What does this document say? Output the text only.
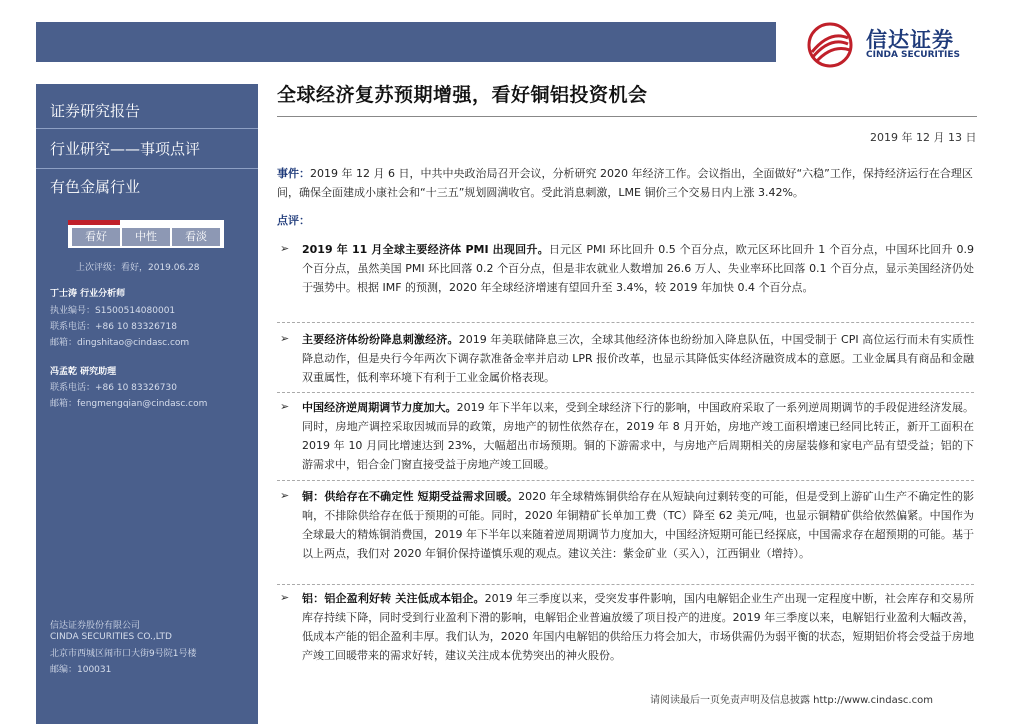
信达证券
CINDA SECURITIES
证券研究报告
行业研究——事项点评
有色金属行业
上次评级：看好，2019.06.28
丁士涛 行业分析师
执业编号：S1500514080001
联系电话：+86 10 83326718
邮箱：dingshitao@cindasc.com
冯孟乾 研究助理
联系电话：+86 10 83326730
邮箱：fengmengqian@cindasc.com
信达证券股份有限公司
CINDA SECURITIES CO.,LTD
北京市西城区闹市口大街9号院1号楼
邮编：100031
看好	中性	看淡
全球经济复苏预期增强，看好铜铝投资机会
2019 年 12 月 13 日
事件：2019 年 12 月 6 日，中共中央政治局召开会议，分析研究 2020 年经济工作。会议指出，全面做好“六稳”工作，保持经济运行在合理区间，确保全面建成小康社会和“十三五”规划圆满收官。受此消息刺激，LME 铜价三个交易日内上涨 3.42%。
点评：
➢ 2019 年 11 月全球主要经济体 PMI 出现回升。日元区 PMI 环比回升 0.5 个百分点，欧元区环比回升 1 个百分点，中国环比回升 0.9 个百分点，虽然美国 PMI 环比回落 0.2 个百分点，但是非农就业人数增加 26.6 万人、失业率环比回落 0.1 个百分点，显示美国经济仍处于强势中。根据 IMF 的预测，2020 年全球经济增速有望回升至 3.4%，较 2019 年加快 0.4 个百分点。
➢ 主要经济体纷纷降息刺激经济。2019 年美联储降息三次，全球其他经济体也纷纷加入降息队伍，中国受制于 CPI 高位运行而未有实质性降息动作，但是央行今年两次下调存款准备金率并启动 LPR 报价改革，也显示其降低实体经济融资成本的意愿。工业金属具有商品和金融双重属性，低利率环境下有利于工业金属价格表现。
➢ 中国经济逆周期调节力度加大。2019 年下半年以来，受到全球经济下行的影响，中国政府采取了一系列逆周期调节的手段促进经济发展。同时，房地产调控采取因城而异的政策，房地产的韧性依然存在，2019 年 8 月开始，房地产竣工面积增速已经同比转正，新开工面积在 2019 年 10 月同比增速达到 23%，大幅超出市场预期。铜的下游需求中，与房地产后周期相关的房屋装修和家电产品有望受益；铝的下游需求中，铝合金门窗直接受益于房地产竣工回暖。
➢ 铜：供给存在不确定性 短期受益需求回暖。2020 年全球精炼铜供给存在从短缺向过剩转变的可能，但是受到上游矿山生产不确定性的影响，不排除供给存在低于预期的可能。同时，2020 年铜精矿长单加工费（TC）降至 62 美元/吨，也显示铜精矿供给依然偏紧。中国作为全球最大的精炼铜消费国，2019 年下半年以来随着逆周期调节力度加大，中国经济短期可能已经探底，中国需求存在超预期的可能。基于以上两点，我们对 2020 年铜价保持谨慎乐观的观点。建议关注：紫金矿业（买入），江西铜业（增持）。
➢ 铝：铝企盈利好转 关注低成本铝企。2019 年三季度以来，受突发事件影响，国内电解铝企业生产出现一定程度中断，社会库存和交易所库存持续下降，同时受到行业盈利下滑的影响，电解铝企业普遍放缓了项目投产的进度。2019 年三季度以来，电解铝行业盈利大幅改善，低成本产能的铝企盈利丰厚。我们认为，2020 年国内电解铝的供给压力将会加大，市场供需仍为弱平衡的状态，短期铝价将会受益于房地产竣工回暖带来的需求好转，建议关注成本优势突出的神火股份。
请阅读最后一页免责声明及信息披露 http://www.cindasc.com
